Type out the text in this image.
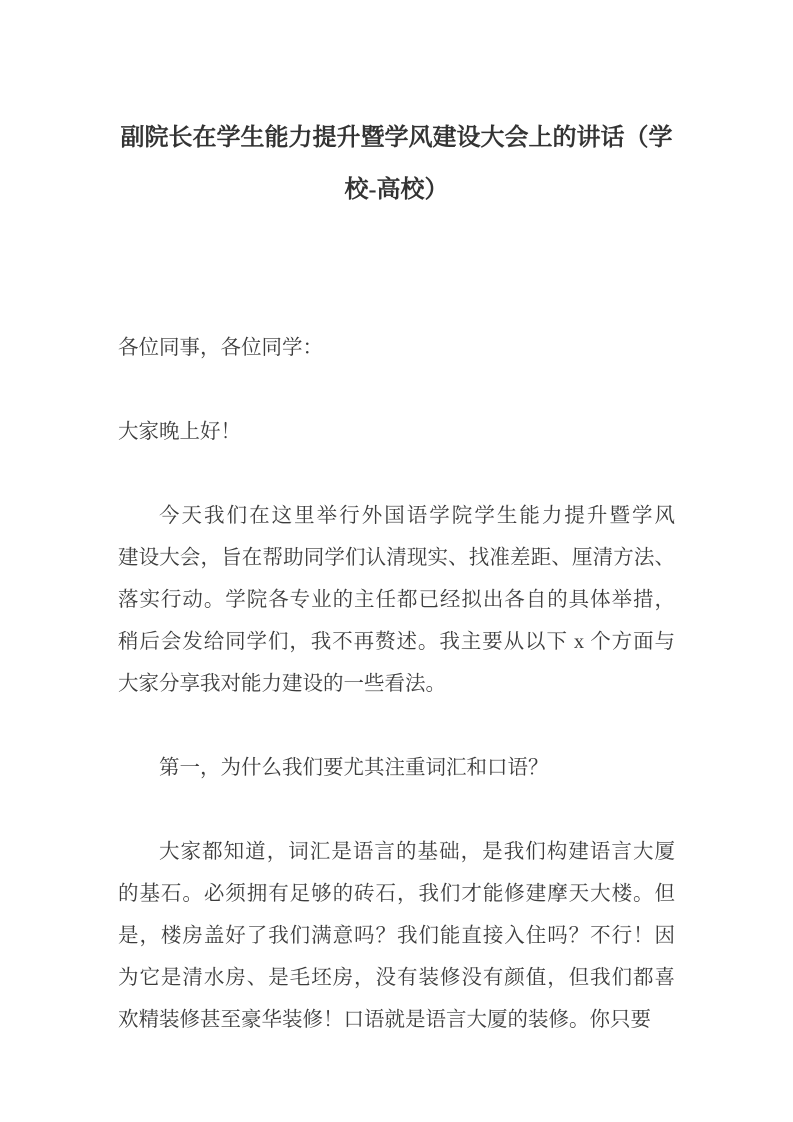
副院长在学生能力提升暨学风建设大会上的讲话（学
校-高校）
各位同事，各位同学：
大家晚上好！
今天我们在这里举行外国语学院学生能力提升暨学风
建设大会，旨在帮助同学们认清现实、找准差距、厘清方法、
落实行动。学院各专业的主任都已经拟出各自的具体举措，
稍后会发给同学们，我不再赘述。我主要从以下 x 个方面与
大家分享我对能力建设的一些看法。
第一，为什么我们要尤其注重词汇和口语？
大家都知道，词汇是语言的基础，是我们构建语言大厦
的基石。必须拥有足够的砖石，我们才能修建摩天大楼。但
是，楼房盖好了我们满意吗？我们能直接入住吗？不行！因
为它是清水房、是毛坯房，没有装修没有颜值，但我们都喜
欢精装修甚至豪华装修！口语就是语言大厦的装修。你只要
